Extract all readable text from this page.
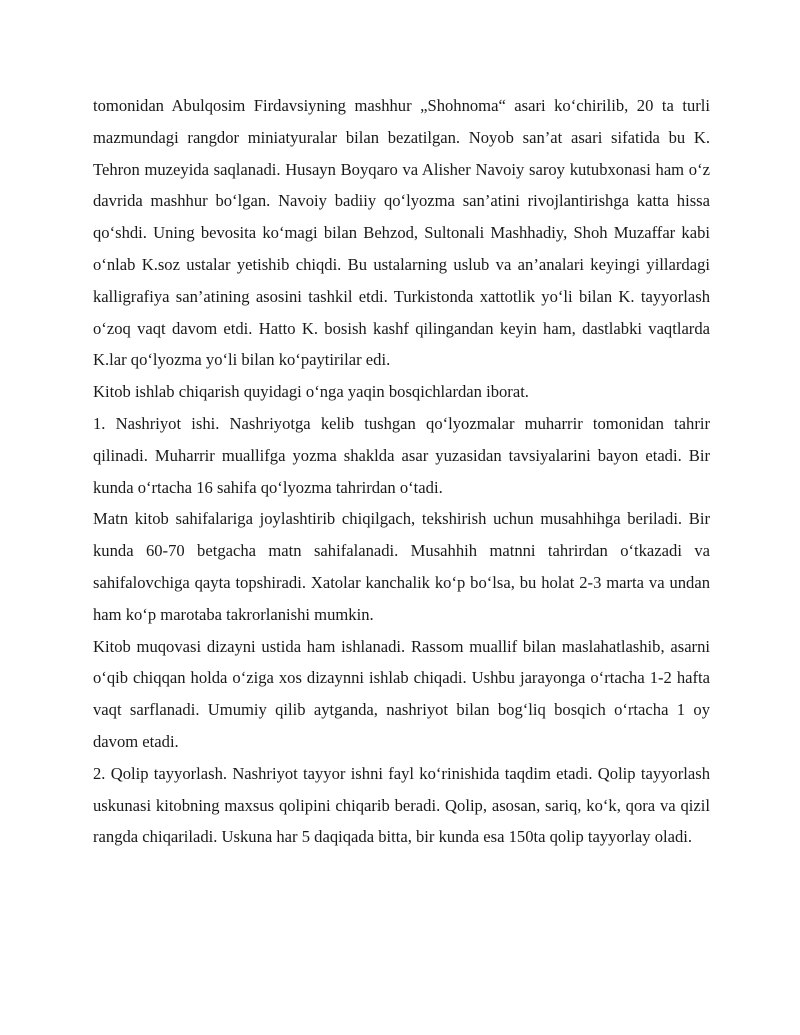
tomonidan Abulqosim Firdavsiyning mashhur „Shohnoma“ asari ko‘chirilib, 20 ta turli mazmundagi rangdor miniatyuralar bilan bezatilgan. Noyob san’at asari sifatida bu K. Tehron muzeyida saqlanadi. Husayn Boyqaro va Alisher Navoiy saroy kutubxonasi ham o‘z davrida mashhur bo‘lgan. Navoiy badiiy qo‘lyozma san’atini rivojlantirishga katta hissa qo‘shdi. Uning bevosita ko‘magi bilan Behzod, Sultonali Mashhadiy, Shoh Muzaffar kabi o‘nlab K.soz ustalar yetishib chiqdi. Bu ustalarning uslub va an’analari keyingi yillardagi kalligrafiya san’atining asosini tashkil etdi. Turkistonda xattotlik yo‘li bilan K. tayyorlash o‘zoq vaqt davom etdi. Hatto K. bosish kashf qilingandan keyin ham, dastlabki vaqtlarda K.lar qo‘lyozma yo‘li bilan ko‘paytirilar edi.

Kitob ishlab chiqarish quyidagi o‘nga yaqin bosqichlardan iborat.

1. Nashriyot ishi. Nashriyotga kelib tushgan qo‘lyozmalar muharrir tomonidan tahrir qilinadi. Muharrir muallifga yozma shaklda asar yuzasidan tavsiyalarini bayon etadi. Bir kunda o‘rtacha 16 sahifa qo‘lyozma tahrirdan o‘tadi.

Matn kitob sahifalariga joylashtirib chiqilgach, tekshirish uchun musahhihga beriladi. Bir kunda 60-70 betgacha matn sahifalanadi. Musahhih matnni tahrirdan o‘tkazadi va sahifalovchiga qayta topshiradi. Xatolar kanchalik ko‘p bo‘lsa, bu holat 2-3 marta va undan ham ko‘p marotaba takrorlanishi mumkin.

Kitob muqovasi dizayni ustida ham ishlanadi. Rassom muallif bilan maslahatlashib, asarni o‘qib chiqqan holda o‘ziga xos dizaynni ishlab chiqadi. Ushbu jarayonga o‘rtacha 1-2 hafta vaqt sarflanadi. Umumiy qilib aytganda, nashriyot bilan bog‘liq bosqich o‘rtacha 1 oy davom etadi.

2. Qolip tayyorlash. Nashriyot tayyor ishni fayl ko‘rinishida taqdim etadi. Qolip tayyorlash uskunasi kitobning maxsus qolipini chiqarib beradi. Qolip, asosan, sariq, ko‘k, qora va qizil rangda chiqariladi. Uskuna har 5 daqiqada bitta, bir kunda esa 150ta qolip tayyorlay oladi.
